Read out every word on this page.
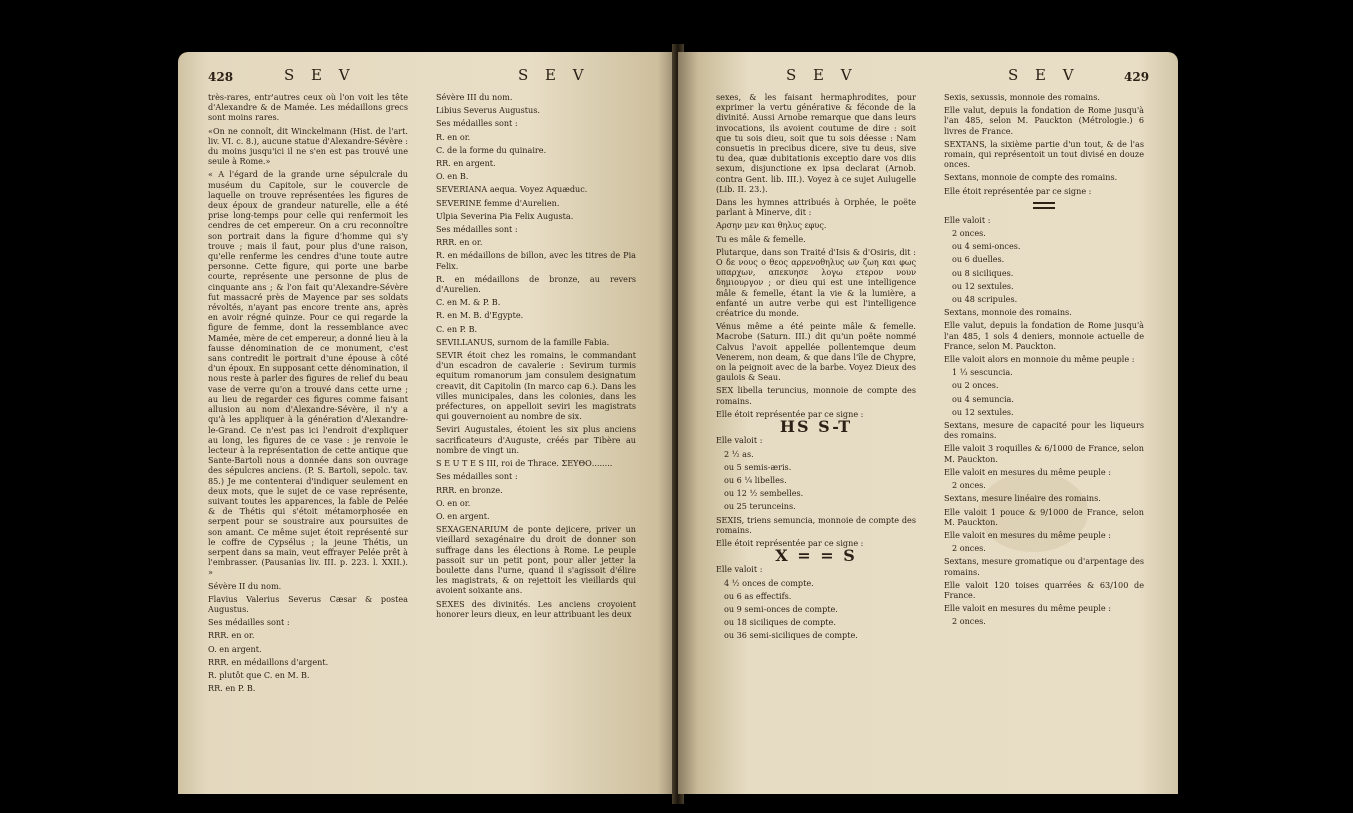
428	S E V	S E V

très-rares, entr'autres ceux où l'on voit les tête d'Alexandre & de Mamée. Les médaillons grecs sont moins rares.

«On ne connoît, dit Winckelmann (Hist. de l'art. liv. VI. c. 8.), aucune statue d'Alexandre-Sévère : du moins jusqu'ici il ne s'en est pas trouvé une seule à Rome.»

« A l'égard de la grande urne sépulcrale du muséum du Capitole, sur le couvercle de laquelle on trouve représentées les figures de deux époux de grandeur naturelle, elle a été prise long-temps pour celle qui renfermoit les cendres de cet empereur. On a cru reconnoître son portrait dans la figure d'homme qui s'y trouve ; mais il faut, pour plus d'une raison, qu'elle renferme les cendres d'une toute autre personne. Cette figure, qui porte une barbe courte, représente une personne de plus de cinquante ans ; & l'on fait qu'Alexandre-Sévère fut massacré près de Mayence par ses soldats révoltés, n'ayant pas encore trente ans, après en avoir régné quinze. Pour ce qui regarde la figure de femme, dont la ressemblance avec Mamée, mère de cet empereur, a donné lieu à la fausse dénomination de ce monument, c'est sans contredit le portrait d'une épouse à côté d'un époux. En supposant cette dénomination, il nous reste à parler des figures de relief du beau vase de verre qu'on a trouvé dans cette urne ; au lieu de regarder ces figures comme faisant allusion au nom d'Alexandre-Sévère, il n'y a qu'à les appliquer à la génération d'Alexandre-le-Grand. Ce n'est pas ici l'endroit d'expliquer au long, les figures de ce vase : je renvoie le lecteur à la représentation de cette antique que Sante-Bartoli nous a donnée dans son ouvrage des sépulcres anciens. (P. S. Bartoli, sepolc. tav. 85.) Je me contenterai d'indiquer seulement en deux mots, que le sujet de ce vase représente, suivant toutes les apparences, la fable de Pelée & de Thétis qui s'étoit métamorphosée en serpent pour se soustraire aux poursuites de son amant. Ce même sujet étoit représenté sur le coffre de Cypsélus ; la jeune Thétis, un serpent dans sa main, veut effrayer Pelée prêt à l'embrasser. (Pausanias liv. III. p. 223. l. XXII.). »

Sévère II du nom.

Flavius Valerius Severus Cæsar & postea Augustus.

Ses médailles sont :

RRR. en or.

O. en argent.

RRR. en médaillons d'argent.

R. plutôt que C. en M. B.

RR. en P. B.

Sévère III du nom.

Libius Severus Augustus.

Ses médailles sont :

R. en or.

C. de la forme du quinaire.

RR. en argent.

O. en B.

SEVERIANA aequa. Voyez Aquæduc.

SEVERINE femme d'Aurelien.

Ulpia Severina Pia Felix Augusta.

Ses médailles sont :

RRR. en or.

R. en médaillons de billon, avec les titres de Pia Felix.

R. en médaillons de bronze, au revers d'Aurelien.

C. en M. & P. B.

R. en M. B. d'Egypte.

C. en P. B.

SEVILLANUS, surnom de la famille Fabia.

SEVIR étoit chez les romains, le commandant d'un escadron de cavalerie : Sevirum turmis equitum romanorum jam consulem designatum creavit, dit Capitolin (In marco cap 6.). Dans les villes municipales, dans les colonies, dans les préfectures, on appelloit seviri les magistrats qui gouvernoient au nombre de six.

Seviri Augustales, étoient les six plus anciens sacrificateurs d'Auguste, créés par Tibère au nombre de vingt un.

S E U T E S III, roi de Thrace. ΣΕΥΘΟ........

Ses médailles sont :

RRR. en bronze.

O. en or.

O. en argent.

SEXAGENARIUM de ponte dejicere, priver un vieillard sexagénaire du droit de donner son suffrage dans les élections à Rome. Le peuple passoit sur un petit pont, pour aller jetter la boulette dans l'urne, quand il s'agissoit d'élire les magistrats, & on rejettoit les vieillards qui avoient soixante ans.

SEXES des divinités. Les anciens croyoient honorer leurs dieux, en leur attribuant les deux

S E V	S E V	429

sexes, & les faisant hermaphrodites, pour exprimer la vertu générative & féconde de la divinité. Aussi Arnobe remarque que dans leurs invocations, ils avoient coutume de dire : soit que tu sois dieu, soit que tu sois déesse : Nam consuetis in precibus dicere, sive tu deus, sive tu dea, quæ dubitationis exceptio dare vos diis sexum, disjunctione ex ipsa declarat (Arnob. contra Gent. lib. III.). Voyez à ce sujet Aulugelle (Lib. II. 23.).

Dans les hymnes attribués à Orphée, le poëte parlant à Minerve, dit :

Αρσην μεν και θηλυς εφυς.

Tu es mâle & femelle.

Plutarque, dans son Traité d'Isis & d'Osiris, dit : Ο δε νους ο θεος αρρενοθηλυς ων ζωη και φως υπαρχων, απεκυησε λογω ετερον νουν δημιουργον ; or dieu qui est une intelligence mâle & femelle, étant la vie & la lumière, a enfanté un autre verbe qui est l'intelligence créatrice du monde.

Vénus même a été peinte mâle & femelle. Macrobe (Saturn. III.) dit qu'un poëte nommé Calvus l'avoit appellée pollentemque deum Venerem, non deam, & que dans l'île de Chypre, on la peignoit avec de la barbe. Voyez Dieux des gaulois & Seau.

SEX libella teruncius, monnoie de compte des romains.

Elle étoit représentée par ce signe :

HS S-T

Elle valoit :

2 ½ as.

ou 5 semis-æris.

ou 6 ¼ libelles.

ou 12 ½ sembelles.

ou 25 terunceins.

SEXIS, triens semuncia, monnoie de compte des romains.

Elle étoit représentée par ce signe :

X = = S

Elle valoit :

4 ½ onces de compte.

ou 6 as effectifs.

ou 9 semi-onces de compte.

ou 18 siciliques de compte.

ou 36 semi-siciliques de compte.

Sexis, sexussis, monnoie des romains.

Elle valut, depuis la fondation de Rome jusqu'à l'an 485, selon M. Pauckton (Métrologie.) 6 livres de France.

SEXTANS, la sixième partie d'un tout, & de l'as romain, qui représentoit un tout divisé en douze onces.

Sextans, monnoie de compte des romains.

Elle étoit représentée par ce signe :

Elle valoit :

2 onces.

ou 4 semi-onces.

ou 6 duelles.

ou 8 siciliques.

ou 12 sextules.

ou 48 scripules.

Sextans, monnoie des romains.

Elle valut, depuis la fondation de Rome jusqu'à l'an 485, 1 sols 4 deniers, monnoie actuelle de France, selon M. Pauckton.

Elle valoit alors en monnoie du même peuple :

1 ⅓ sescuncia.

ou 2 onces.

ou 4 semuncia.

ou 12 sextules.

Sextans, mesure de capacité pour les liqueurs des romains.

Elle valoit 3 roquilles & 6/1000 de France, selon M. Pauckton.

Elle valoit en mesures du même peuple :

2 onces.

Sextans, mesure linéaire des romains.

Elle valoit 1 pouce & 9/1000 de France, selon M. Pauckton.

Elle valoit en mesures du même peuple :

2 onces.

Sextans, mesure gromatique ou d'arpentage des romains.

Elle valoit 120 toises quarrées & 63/100 de France.

Elle valoit en mesures du même peuple :

2 onces.
